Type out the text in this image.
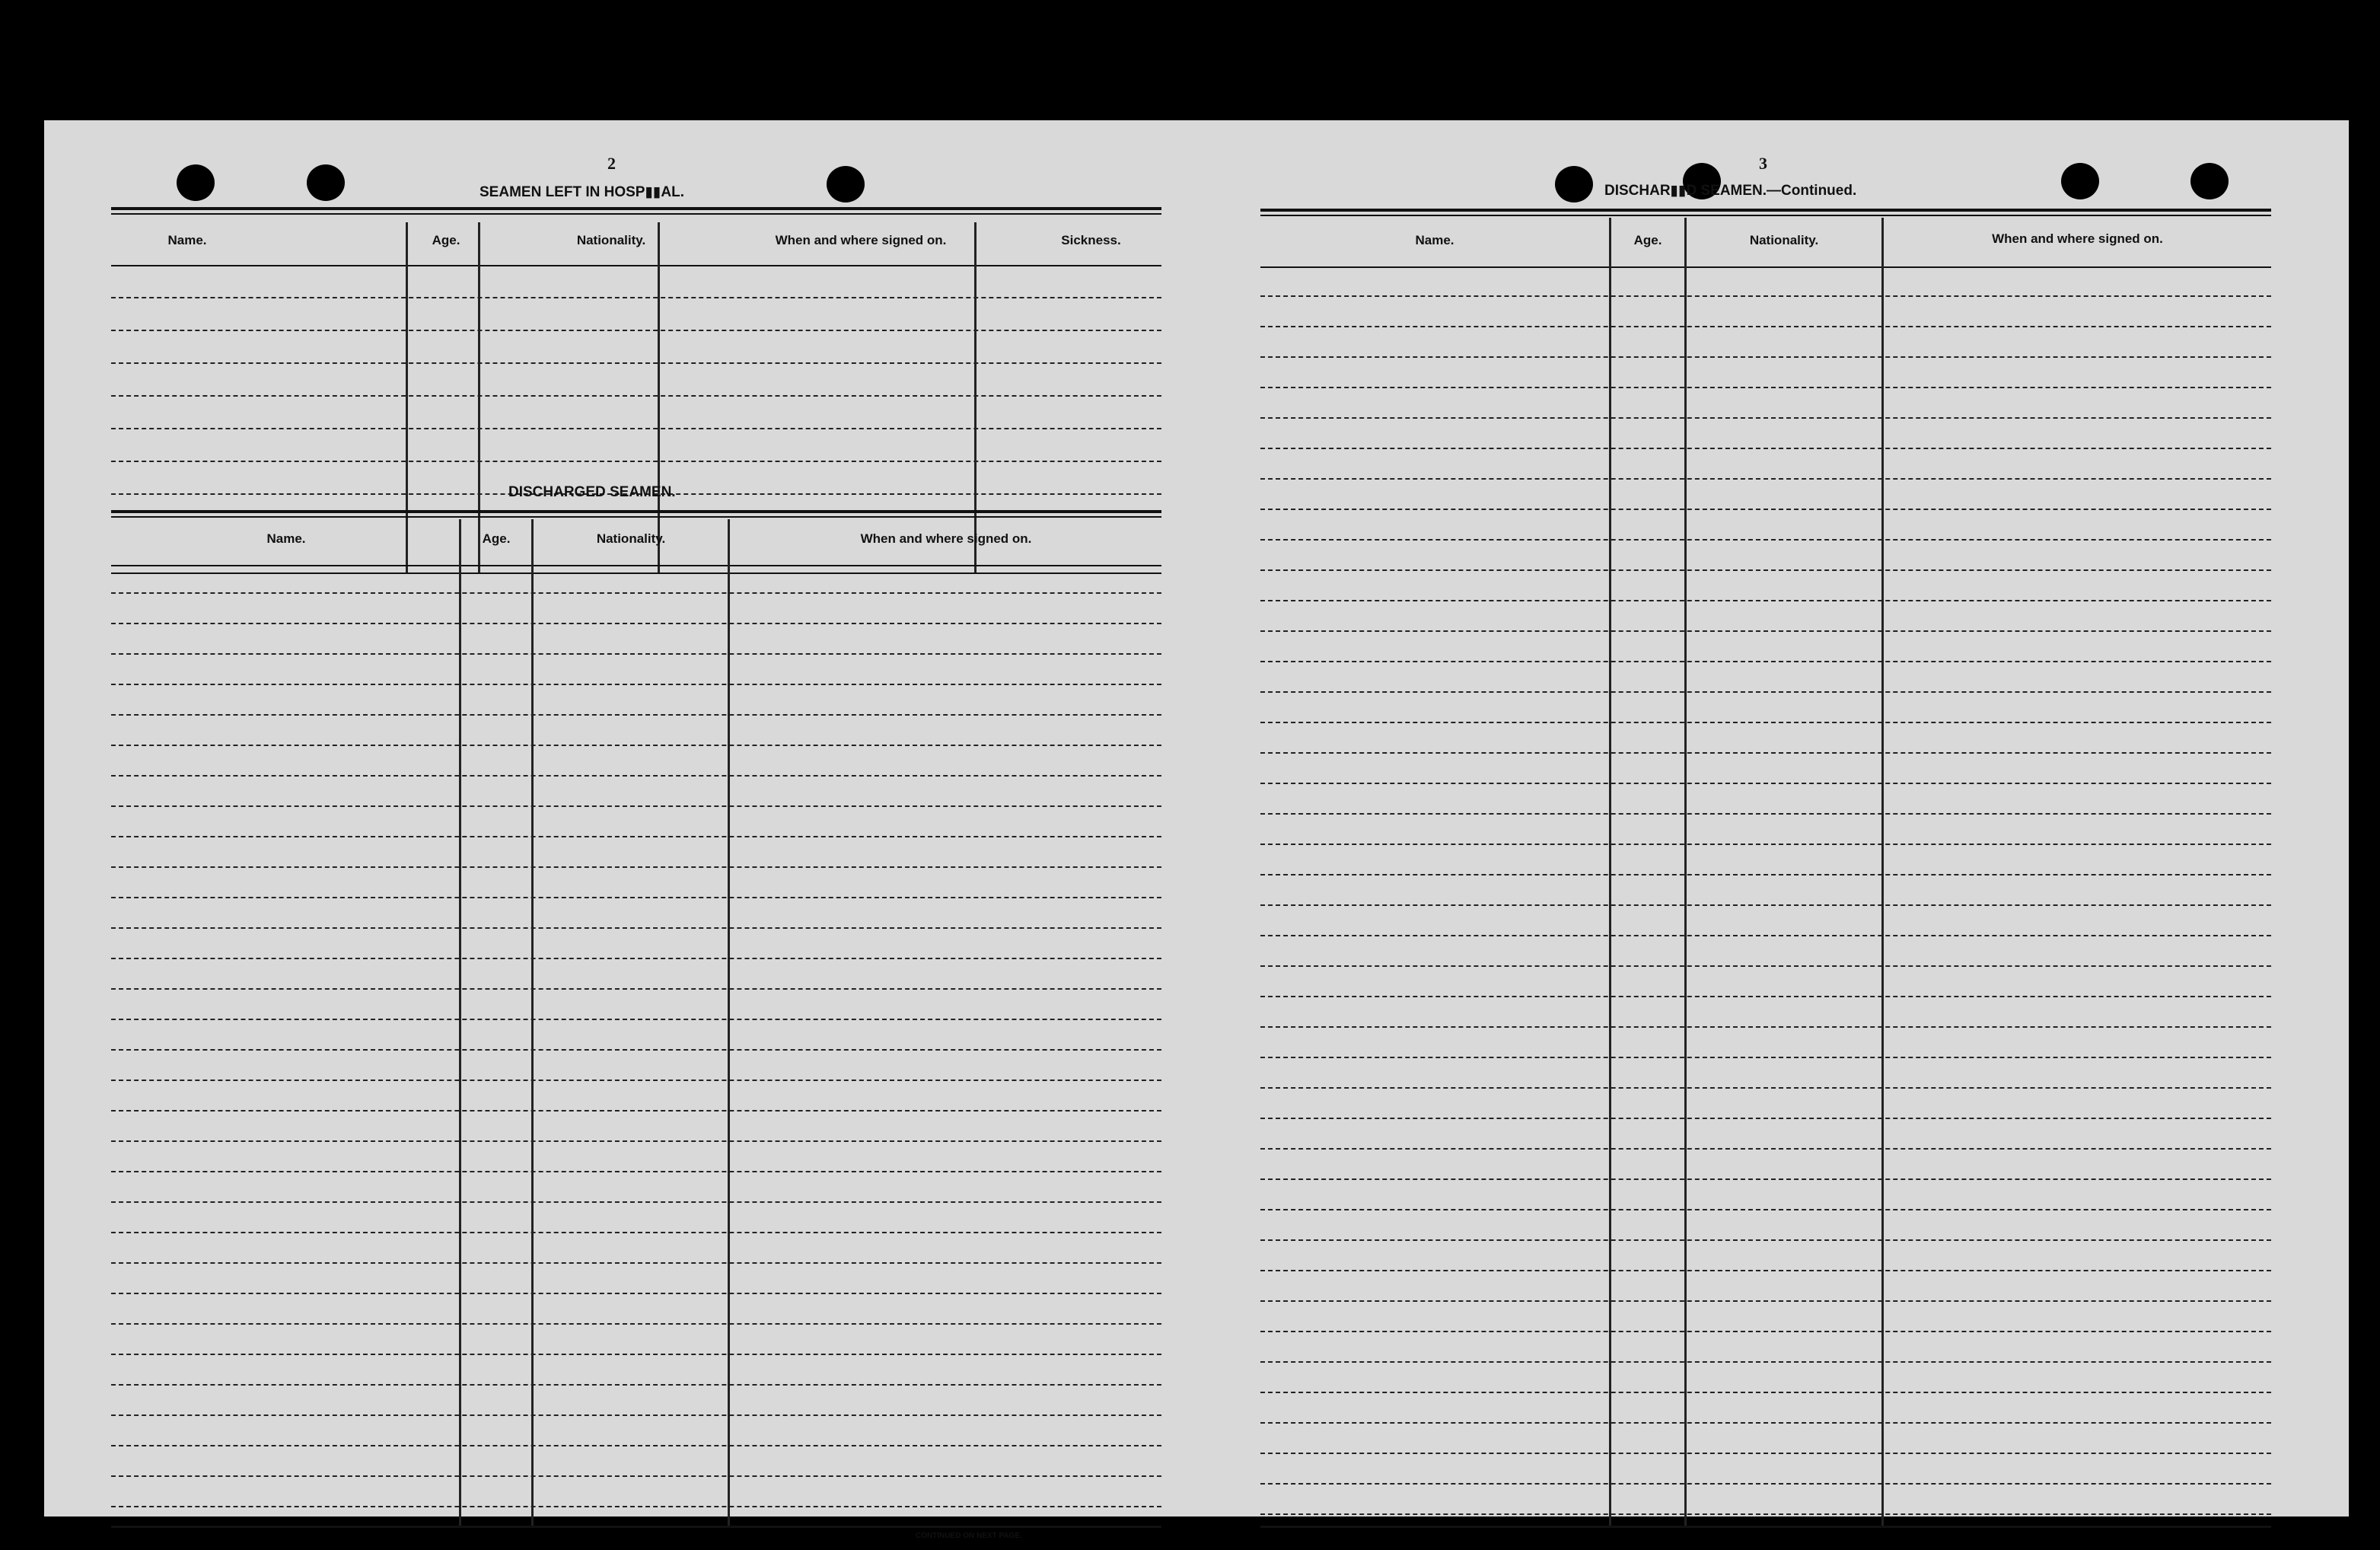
2
SEAMEN LEFT IN HOSP▮▮AL.
Name.	Age.	Nationality.	When and where signed on.	Sickness.
DISCHARGED SEAMEN.
Name.	Age.	Nationality.	When and where signed on.
CONTINUED ON NEXT PAGE.
3
DISCHAR▮▮D SEAMEN.—Continued.
Name.	Age.	Nationality.	When and where signed on.
